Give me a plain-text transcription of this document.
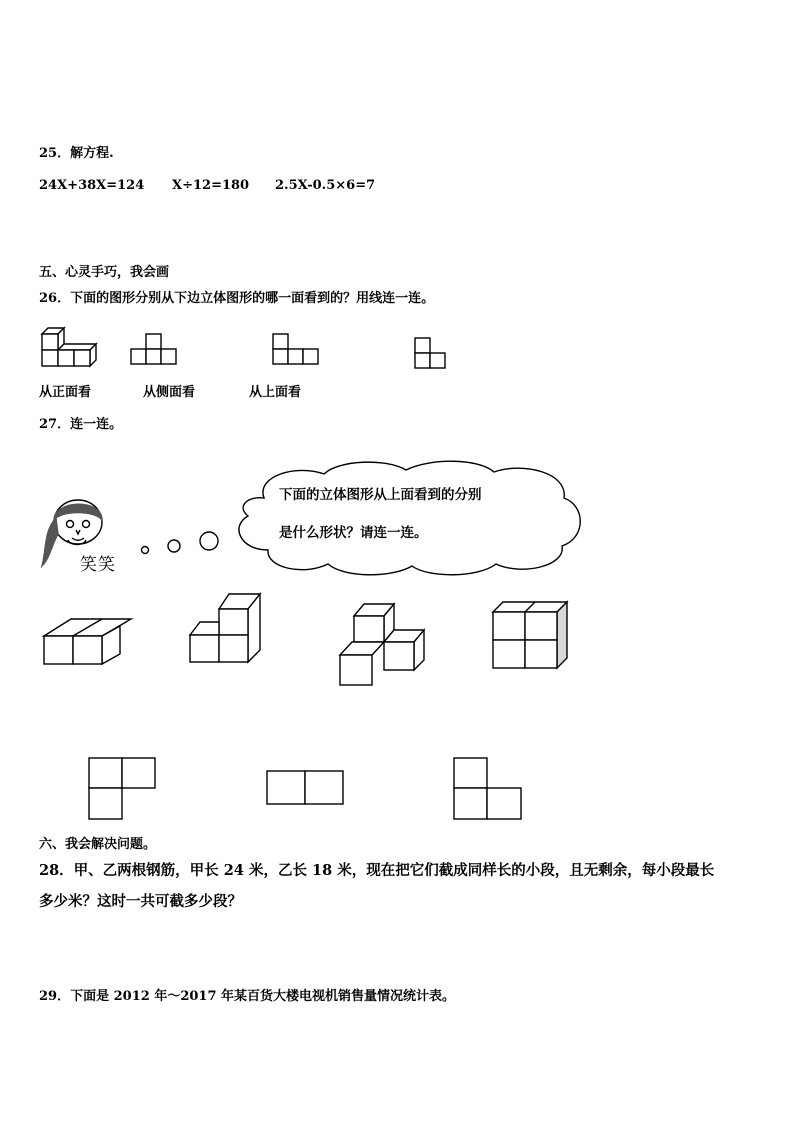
25．解方程.
24X+38X=124 X÷12=180 2.5X-0.5×6=7
五、心灵手巧，我会画
26．下面的图形分别从下边立体图形的哪一面看到的？用线连一连。
从正面看	从侧面看	从上面看
27．连一连。
笑笑
下面的立体图形从上面看到的分别
是什么形状？请连一连。
六、我会解决问题。
28．甲、乙两根钢筋，甲长 24 米，乙长 18 米，现在把它们截成同样长的小段，且无剩余，每小段最长
多少米？这时一共可截多少段？
29．下面是 2012 年～2017 年某百货大楼电视机销售量情况统计表。
